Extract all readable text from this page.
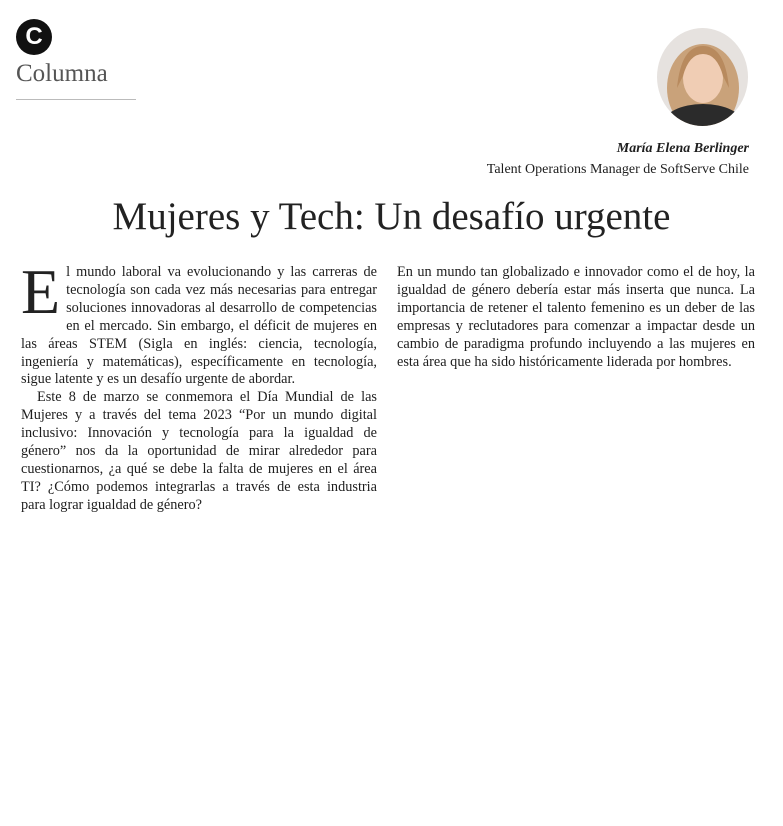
C
Columna
María Elena Berlinger
Talent Operations Manager de SoftServe Chile
Mujeres y Tech: Un desafío urgente

El mundo laboral va evolucionando y las carreras de tecnología son cada vez más necesarias para entregar soluciones innovadoras al desarrollo de competencias en el mercado. Sin embargo, el déficit de mujeres en las áreas STEM (Sigla en inglés: ciencia, tecnología, ingeniería y matemáticas), específicamente en tecnología, sigue latente y es un desafío urgente de abordar.

Este 8 de marzo se conmemora el Día Mundial de las Mujeres y a través del tema 2023 “Por un mundo digital inclusivo: Innovación y tecnología para la igualdad de género” nos da la oportunidad de mirar alrededor para cuestionarnos, ¿a qué se debe la falta de mujeres en el área TI? ¿Cómo podemos integrarlas a través de esta industria para lograr igualdad de género?

En un mundo tan globalizado e innovador como el de hoy, la igualdad de género debería estar más inserta que nunca. La importancia de retener el talento femenino es un deber de las empresas y reclutadores para comenzar a impactar desde un cambio de paradigma profundo incluyendo a las mujeres en esta área que ha sido históricamente liderada por hombres.
